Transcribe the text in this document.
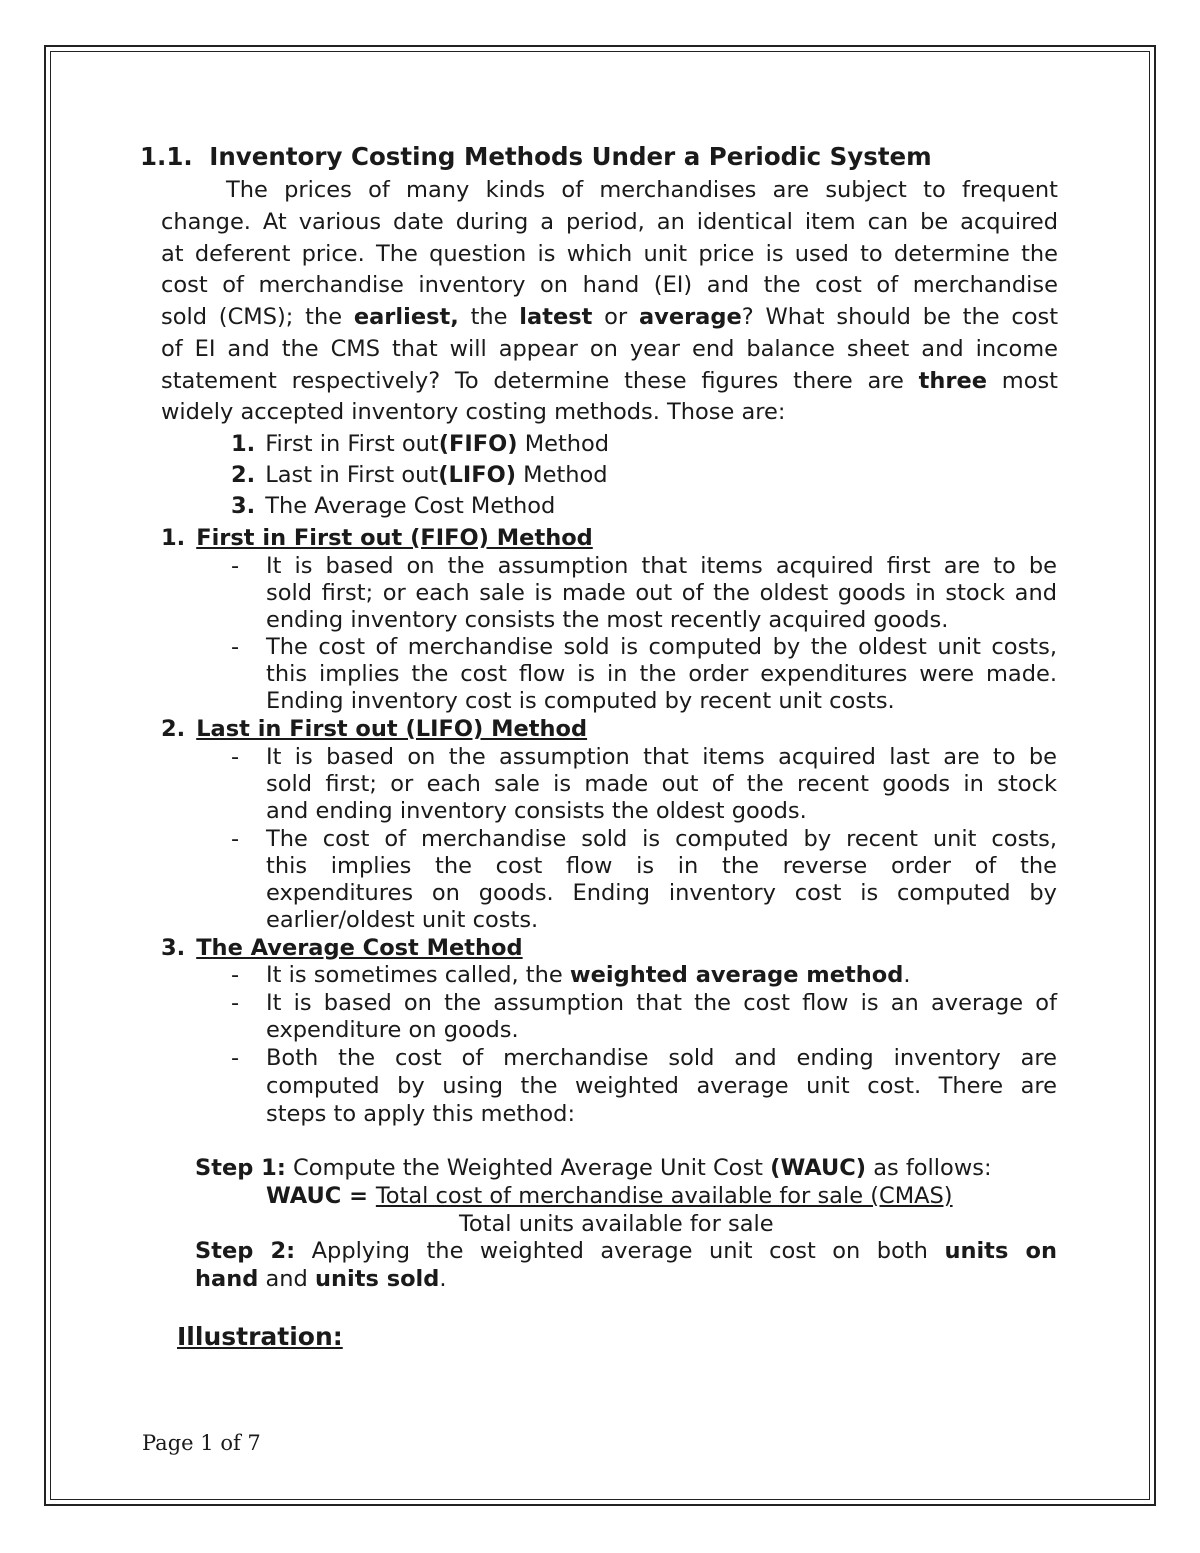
1.1. Inventory Costing Methods Under a Periodic System
The prices of many kinds of merchandises are subject to frequent
change. At various date during a period, an identical item can be acquired
at deferent price. The question is which unit price is used to determine the
cost of merchandise inventory on hand (EI) and the cost of merchandise
sold (CMS); the earliest, the latest or average? What should be the cost
of EI and the CMS that will appear on year end balance sheet and income
statement respectively? To determine these figures there are three most
widely accepted inventory costing methods. Those are:
1. First in First out(FIFO) Method
2. Last in First out(LIFO) Method
3. The Average Cost Method
1. First in First out (FIFO) Method
- It is based on the assumption that items acquired first are to be
sold first; or each sale is made out of the oldest goods in stock and
ending inventory consists the most recently acquired goods.
- The cost of merchandise sold is computed by the oldest unit costs,
this implies the cost flow is in the order expenditures were made.
Ending inventory cost is computed by recent unit costs.
2. Last in First out (LIFO) Method
- It is based on the assumption that items acquired last are to be
sold first; or each sale is made out of the recent goods in stock
and ending inventory consists the oldest goods.
- The cost of merchandise sold is computed by recent unit costs,
this implies the cost flow is in the reverse order of the
expenditures on goods. Ending inventory cost is computed by
earlier/oldest unit costs.
3. The Average Cost Method
- It is sometimes called, the weighted average method.
- It is based on the assumption that the cost flow is an average of
expenditure on goods.
- Both the cost of merchandise sold and ending inventory are
computed by using the weighted average unit cost. There are
steps to apply this method:
Step 1: Compute the Weighted Average Unit Cost (WAUC) as follows:
WAUC = Total cost of merchandise available for sale (CMAS)
Total units available for sale
Step 2: Applying the weighted average unit cost on both units on
hand and units sold.
Illustration:
Page 1 of 7
